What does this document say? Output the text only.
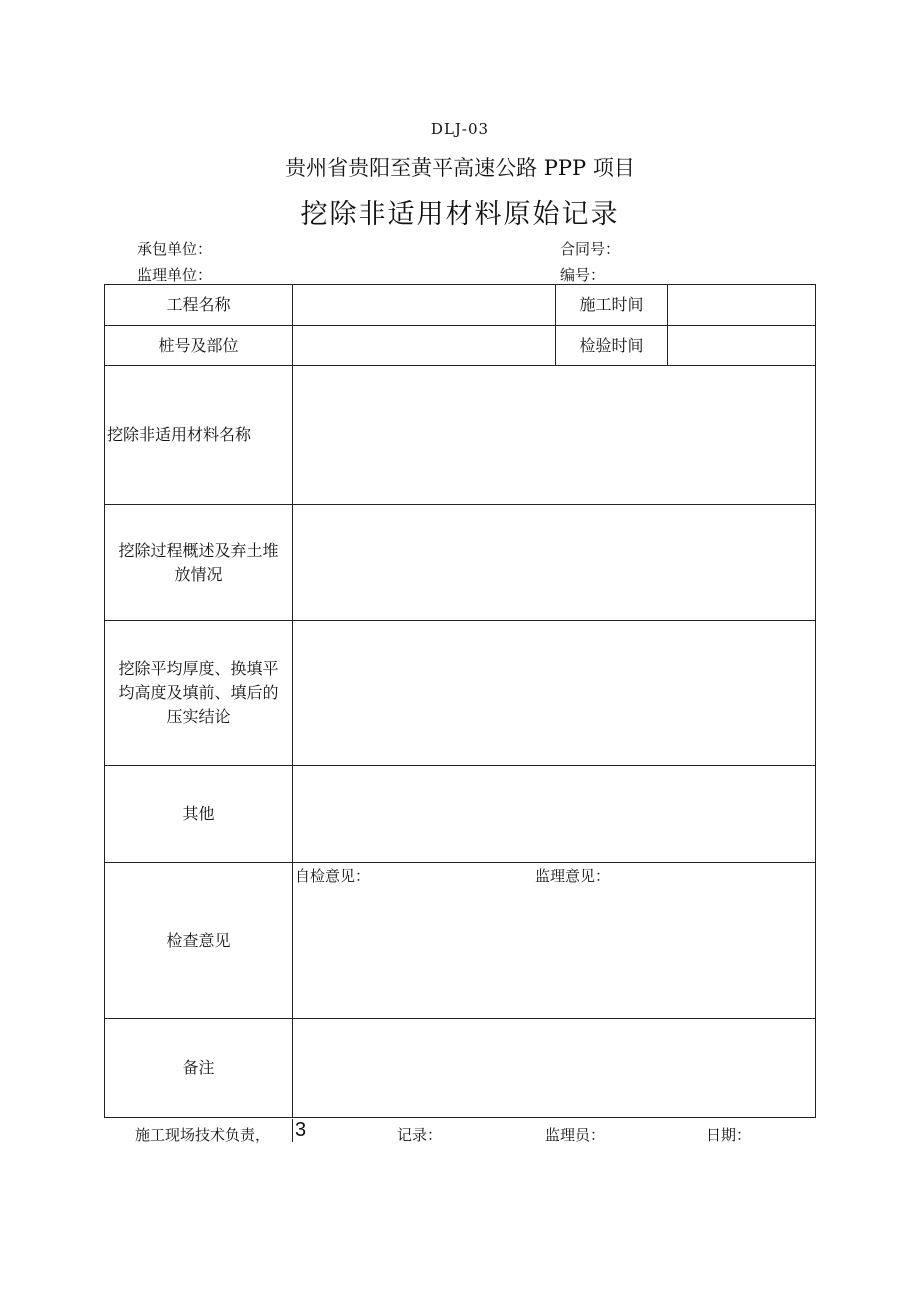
DLJ-03
贵州省贵阳至黄平高速公路 PPP 项目
挖除非适用材料原始记录
承包单位：	合同号：
监理单位：	编号：
工程名称		施工时间	
桩号及部位		检验时间	
挖除非适用材料名称			
挖除过程概述及弃土堆放情况			
挖除平均厚度、换填平均高度及填前、填后的压实结论			
其他			
检查意见	自检意见： 监理意见：		

备注			
施工现场技术负责， 3	记录：	监理员：	日期：
